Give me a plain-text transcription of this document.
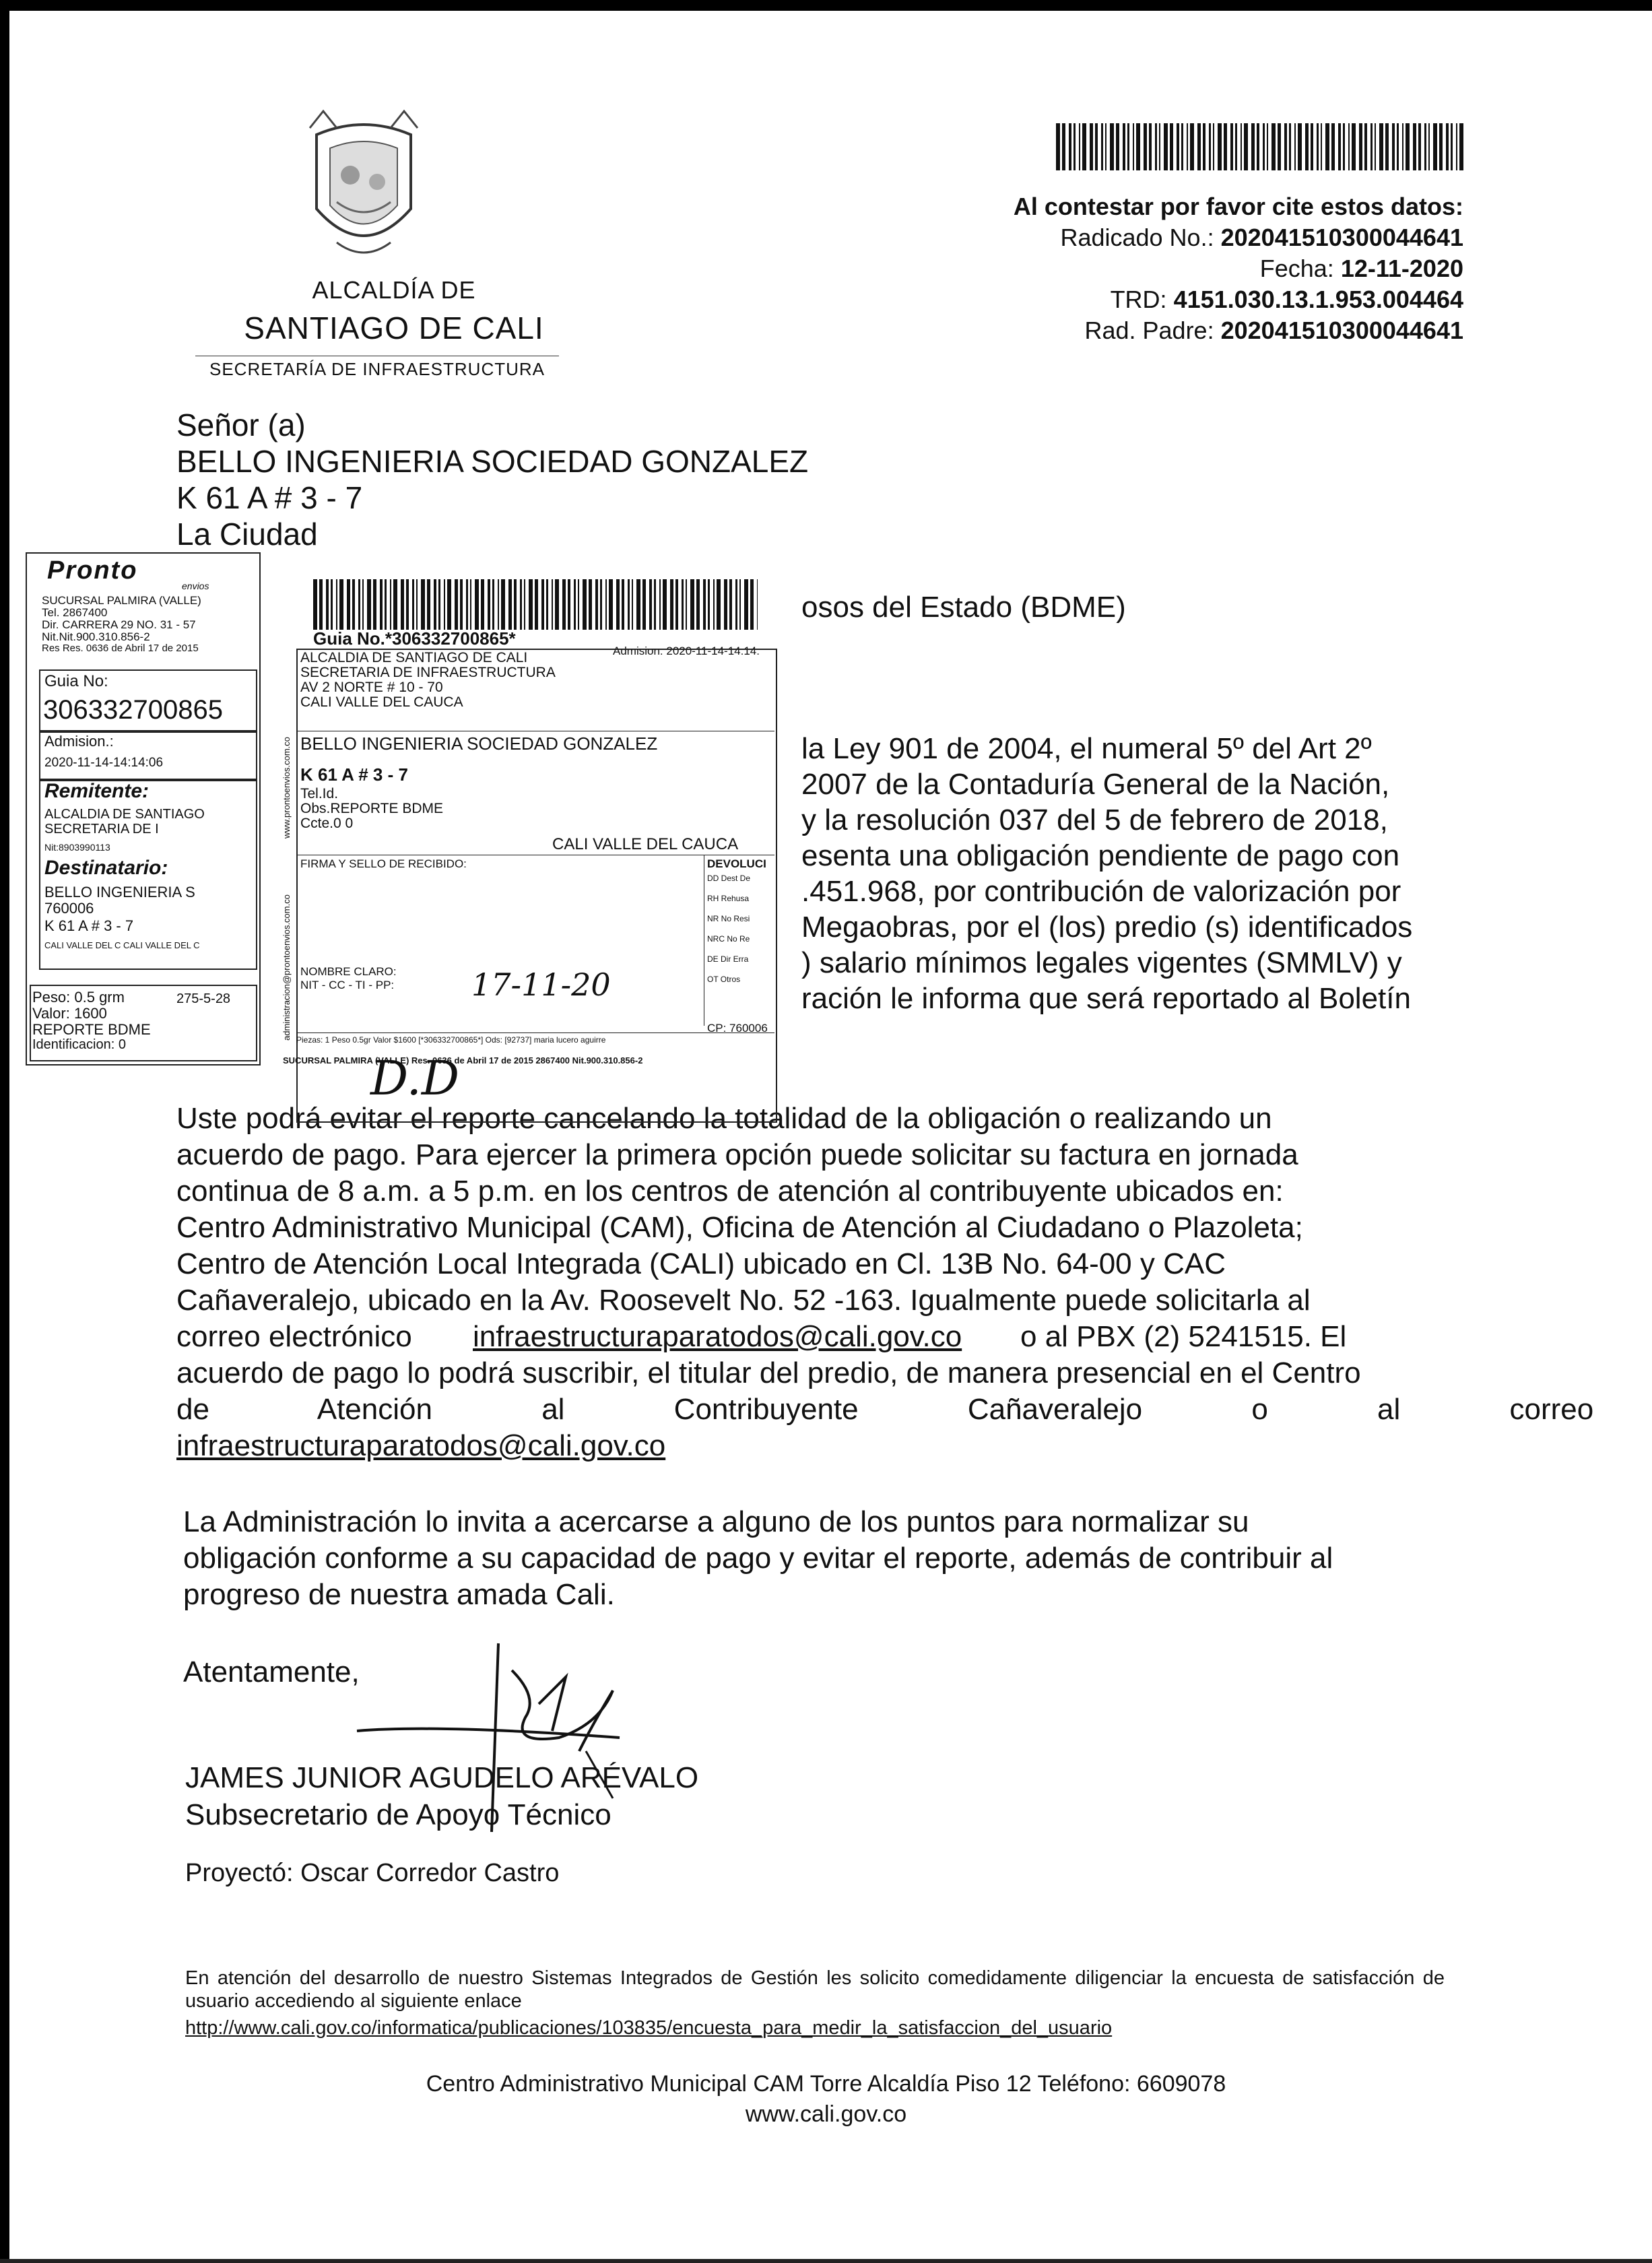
ALCALDÍA DE
SANTIAGO DE CALI
SECRETARÍA DE INFRAESTRUCTURA
Al contestar por favor cite estos datos:
Radicado No.: 202041510300044641
Fecha: 12-11-2020
TRD: 4151.030.13.1.953.004464
Rad. Padre: 202041510300044641
Señor (a)
BELLO INGENIERIA SOCIEDAD GONZALEZ
K 61 A # 3 - 7
La Ciudad
osos del Estado (BDME)
la Ley 901 de 2004, el numeral 5º del Art 2º
2007 de la Contaduría General de la Nación,
y la resolución 037 del 5 de febrero de 2018,
esenta una obligación pendiente de pago con
.451.968, por contribución de valorización por
Megaobras, por el (los) predio (s) identificados
) salario mínimos legales vigentes (SMMLV) y
ración le informa que será reportado al Boletín
Uste podrá evitar el reporte cancelando la totalidad de la obligación o realizando un
acuerdo de pago. Para ejercer la primera opción puede solicitar su factura en jornada
continua de 8 a.m. a 5 p.m. en los centros de atención al contribuyente ubicados en:
Centro Administrativo Municipal (CAM), Oficina de Atención al Ciudadano o Plazoleta;
Centro de Atención Local Integrada (CALI) ubicado en Cl. 13B No. 64-00 y CAC
Cañaveralejo, ubicado en la Av. Roosevelt No. 52 -163. Igualmente puede solicitarla al
correo electrónico infraestructuraparatodos@cali.gov.co o al PBX (2) 5241515. El
acuerdo de pago lo podrá suscribir, el titular del predio, de manera presencial en el Centro
de Atención al Contribuyente Cañaveralejo o al correo
infraestructuraparatodos@cali.gov.co
La Administración lo invita a acercarse a alguno de los puntos para normalizar su
obligación conforme a su capacidad de pago y evitar el reporte, además de contribuir al
progreso de nuestra amada Cali.
Atentamente,
JAMES JUNIOR AGUDELO ARÉVALO
Subsecretario de Apoyo Técnico
Proyectó: Oscar Corredor Castro
En atención del desarrollo de nuestro Sistemas Integrados de Gestión les solicito comedidamente diligenciar la encuesta de satisfacción de usuario accediendo al siguiente enlace
http://www.cali.gov.co/informatica/publicaciones/103835/encuesta_para_medir_la_satisfaccion_del_usuario
Centro Administrativo Municipal CAM Torre Alcaldía Piso 12 Teléfono: 6609078
www.cali.gov.co
Pronto
envios
SUCURSAL PALMIRA (VALLE)
Tel. 2867400
Dir. CARRERA 29 NO. 31 - 57
Nit.Nit.900.310.856-2
Res Res. 0636 de Abril 17 de 2015
Guia No:
306332700865
Admision.:
2020-11-14-14:14:06
Remitente:
ALCALDIA DE SANTIAGO
SECRETARIA DE I
Nit:8903990113
Destinatario:
BELLO INGENIERIA S
760006
K 61 A # 3 - 7
CALI VALLE DEL C CALI VALLE DEL C
Peso: 0.5 grm	275-5-28
Valor: 1600
REPORTE BDME
Identificacion: 0
Guia No.*306332700865*
Admision: 2020-11-14-14:14:
ALCALDIA DE SANTIAGO DE CALI
SECRETARIA DE INFRAESTRUCTURA
AV 2 NORTE # 10 - 70
CALI VALLE DEL CAUCA
BELLO INGENIERIA SOCIEDAD GONZALEZ
K 61 A # 3 - 7
Tel.Id.
Obs.REPORTE BDME
Ccte.0 0
CALI VALLE DEL CAUCA
FIRMA Y SELLO DE RECIBIDO:	DEVOLUCI
DD Dest De
RH Rehusa
NR No Resi
NRC No Re
DE Dir Erra
OT Otros
CP: 760006
NOMBRE CLARO:
NIT - CC - TI - PP: 17-11-20
Piezas: 1 Peso 0.5gr Valor $1600 [*306332700865*] Ods: [92737] maria lucero aguirre
SUCURSAL PALMIRA (VALLE) Res. 0636 de Abril 17 de 2015 2867400 Nit.900.310.856-2
D.D
www.prontoenvios.com.co
administracion@prontoenvios.com.co
